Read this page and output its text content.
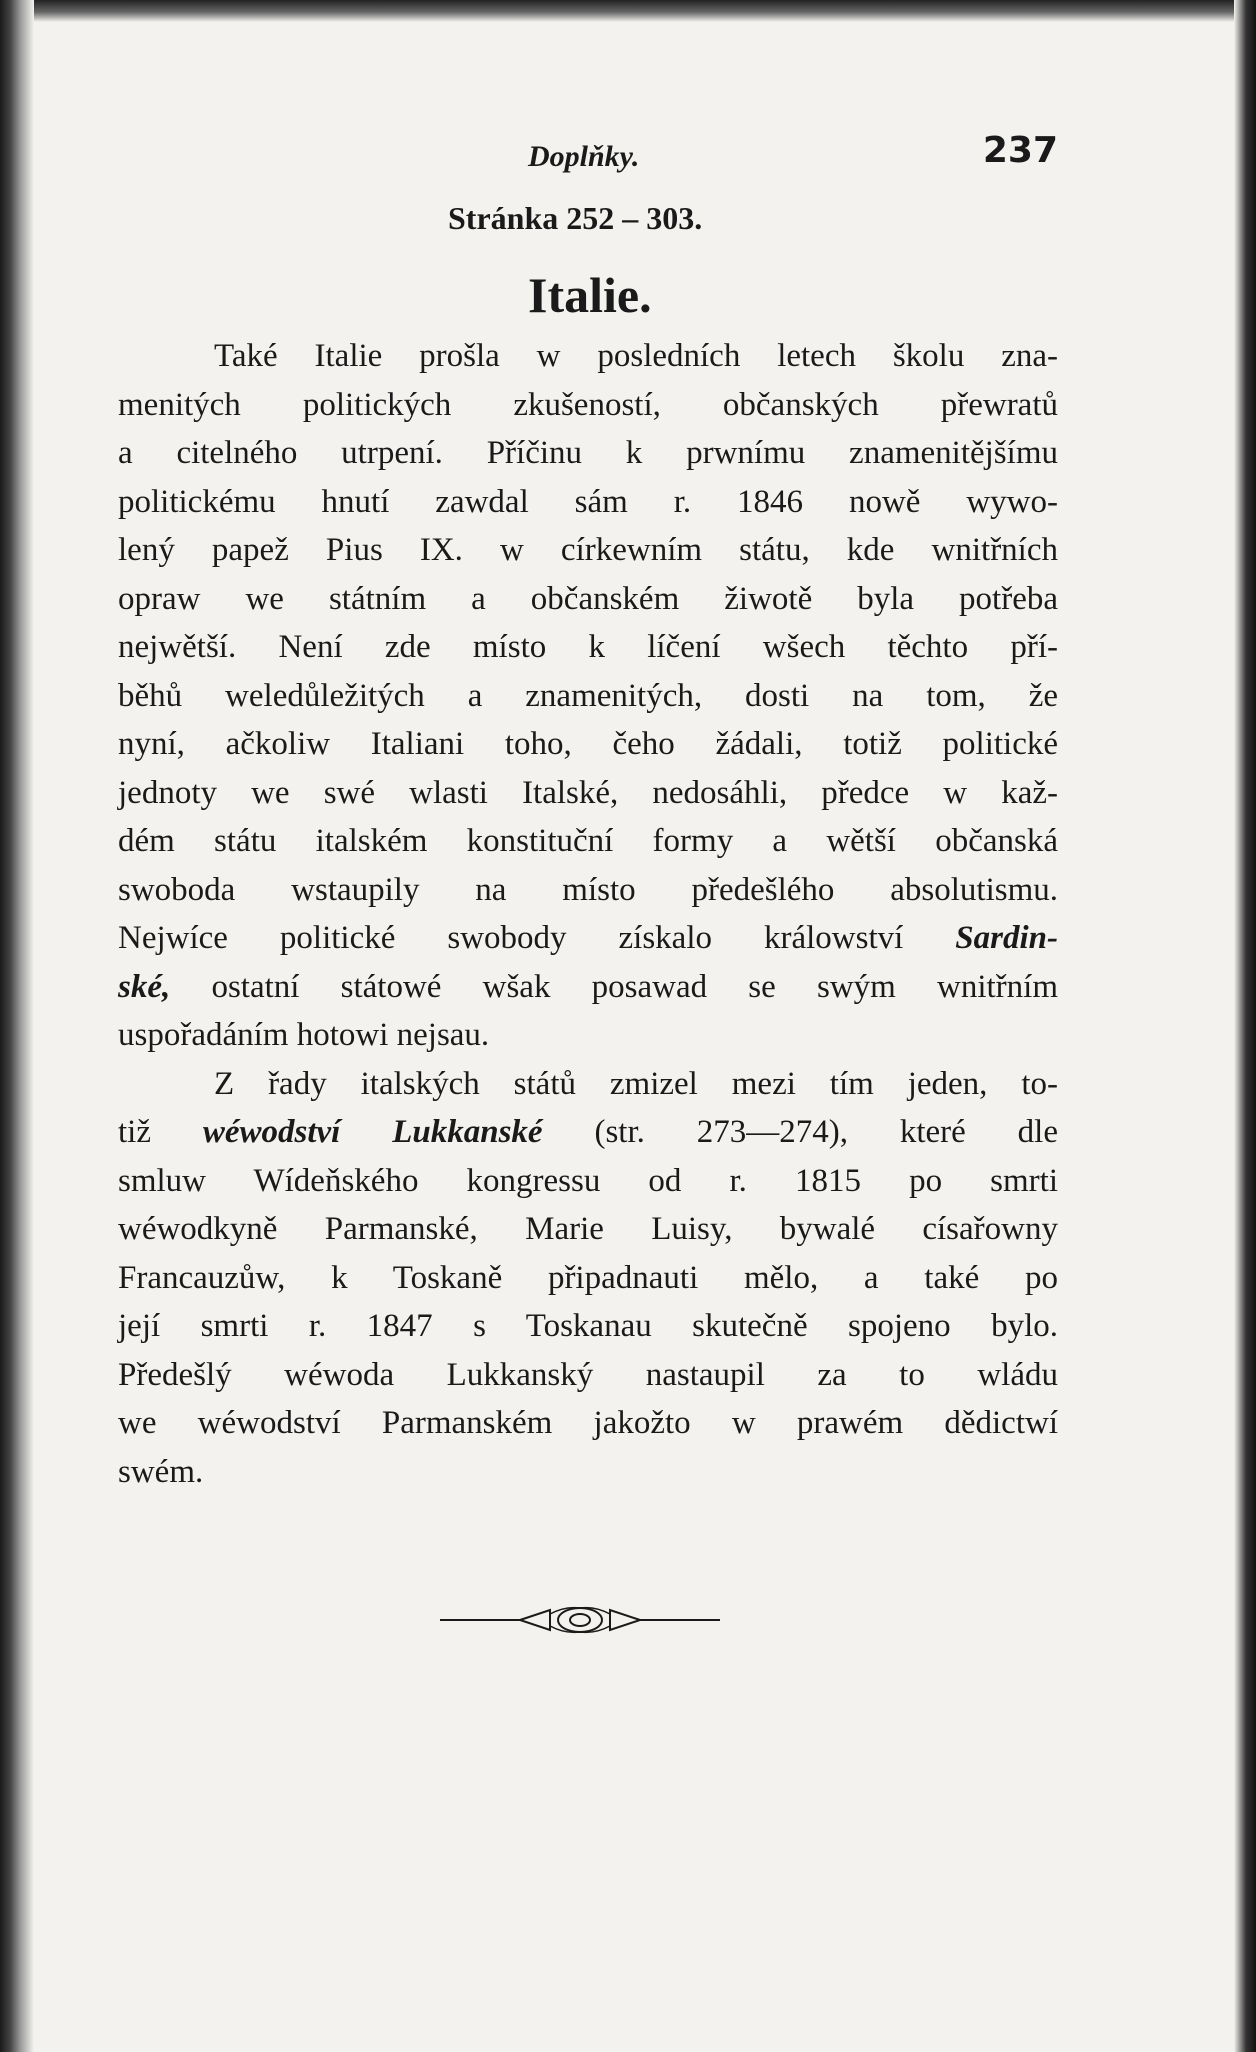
Doplňky.	237
Stránka 252 – 303.
Italie.

Také Italie prošla w posledních letech školu zna-
menitých politických zkušeností, občanských přewratů
a citelného utrpení. Příčinu k prwnímu znamenitějšímu
politickému hnutí zawdal sám r. 1846 nowě wywo-
lený papež Pius IX. w církewním státu, kde wnitřních
opraw we státním a občanském žiwotě byla potřeba
nejwětší. Není zde místo k líčení wšech těchto pří-
běhů weledůležitých a znamenitých, dosti na tom, že
nyní, ačkoliw Italiani toho, čeho žádali, totiž politické
jednoty we swé wlasti Italské, nedosáhli, předce w kaž-
dém státu italském konstituční formy a wětší občanská
swoboda wstaupily na místo předešlého absolutismu.
Nejwíce politické swobody získalo králowství Sardin-
ské, ostatní státowé wšak posawad se swým wnitřním
uspořadáním hotowi nejsau.

Z řady italských států zmizel mezi tím jeden, to-
tiž wéwodství Lukkanské (str. 273—274), které dle
smluw Wídeňského kongressu od r. 1815 po smrti
wéwodkyně Parmanské, Marie Luisy, bywalé císařowny
Francauzůw, k Toskaně připadnauti mělo, a také po
její smrti r. 1847 s Toskanau skutečně spojeno bylo.
Předešlý wéwoda Lukkanský nastaupil za to wládu
we wéwodství Parmanském jakožto w prawém dědictwí
swém.
